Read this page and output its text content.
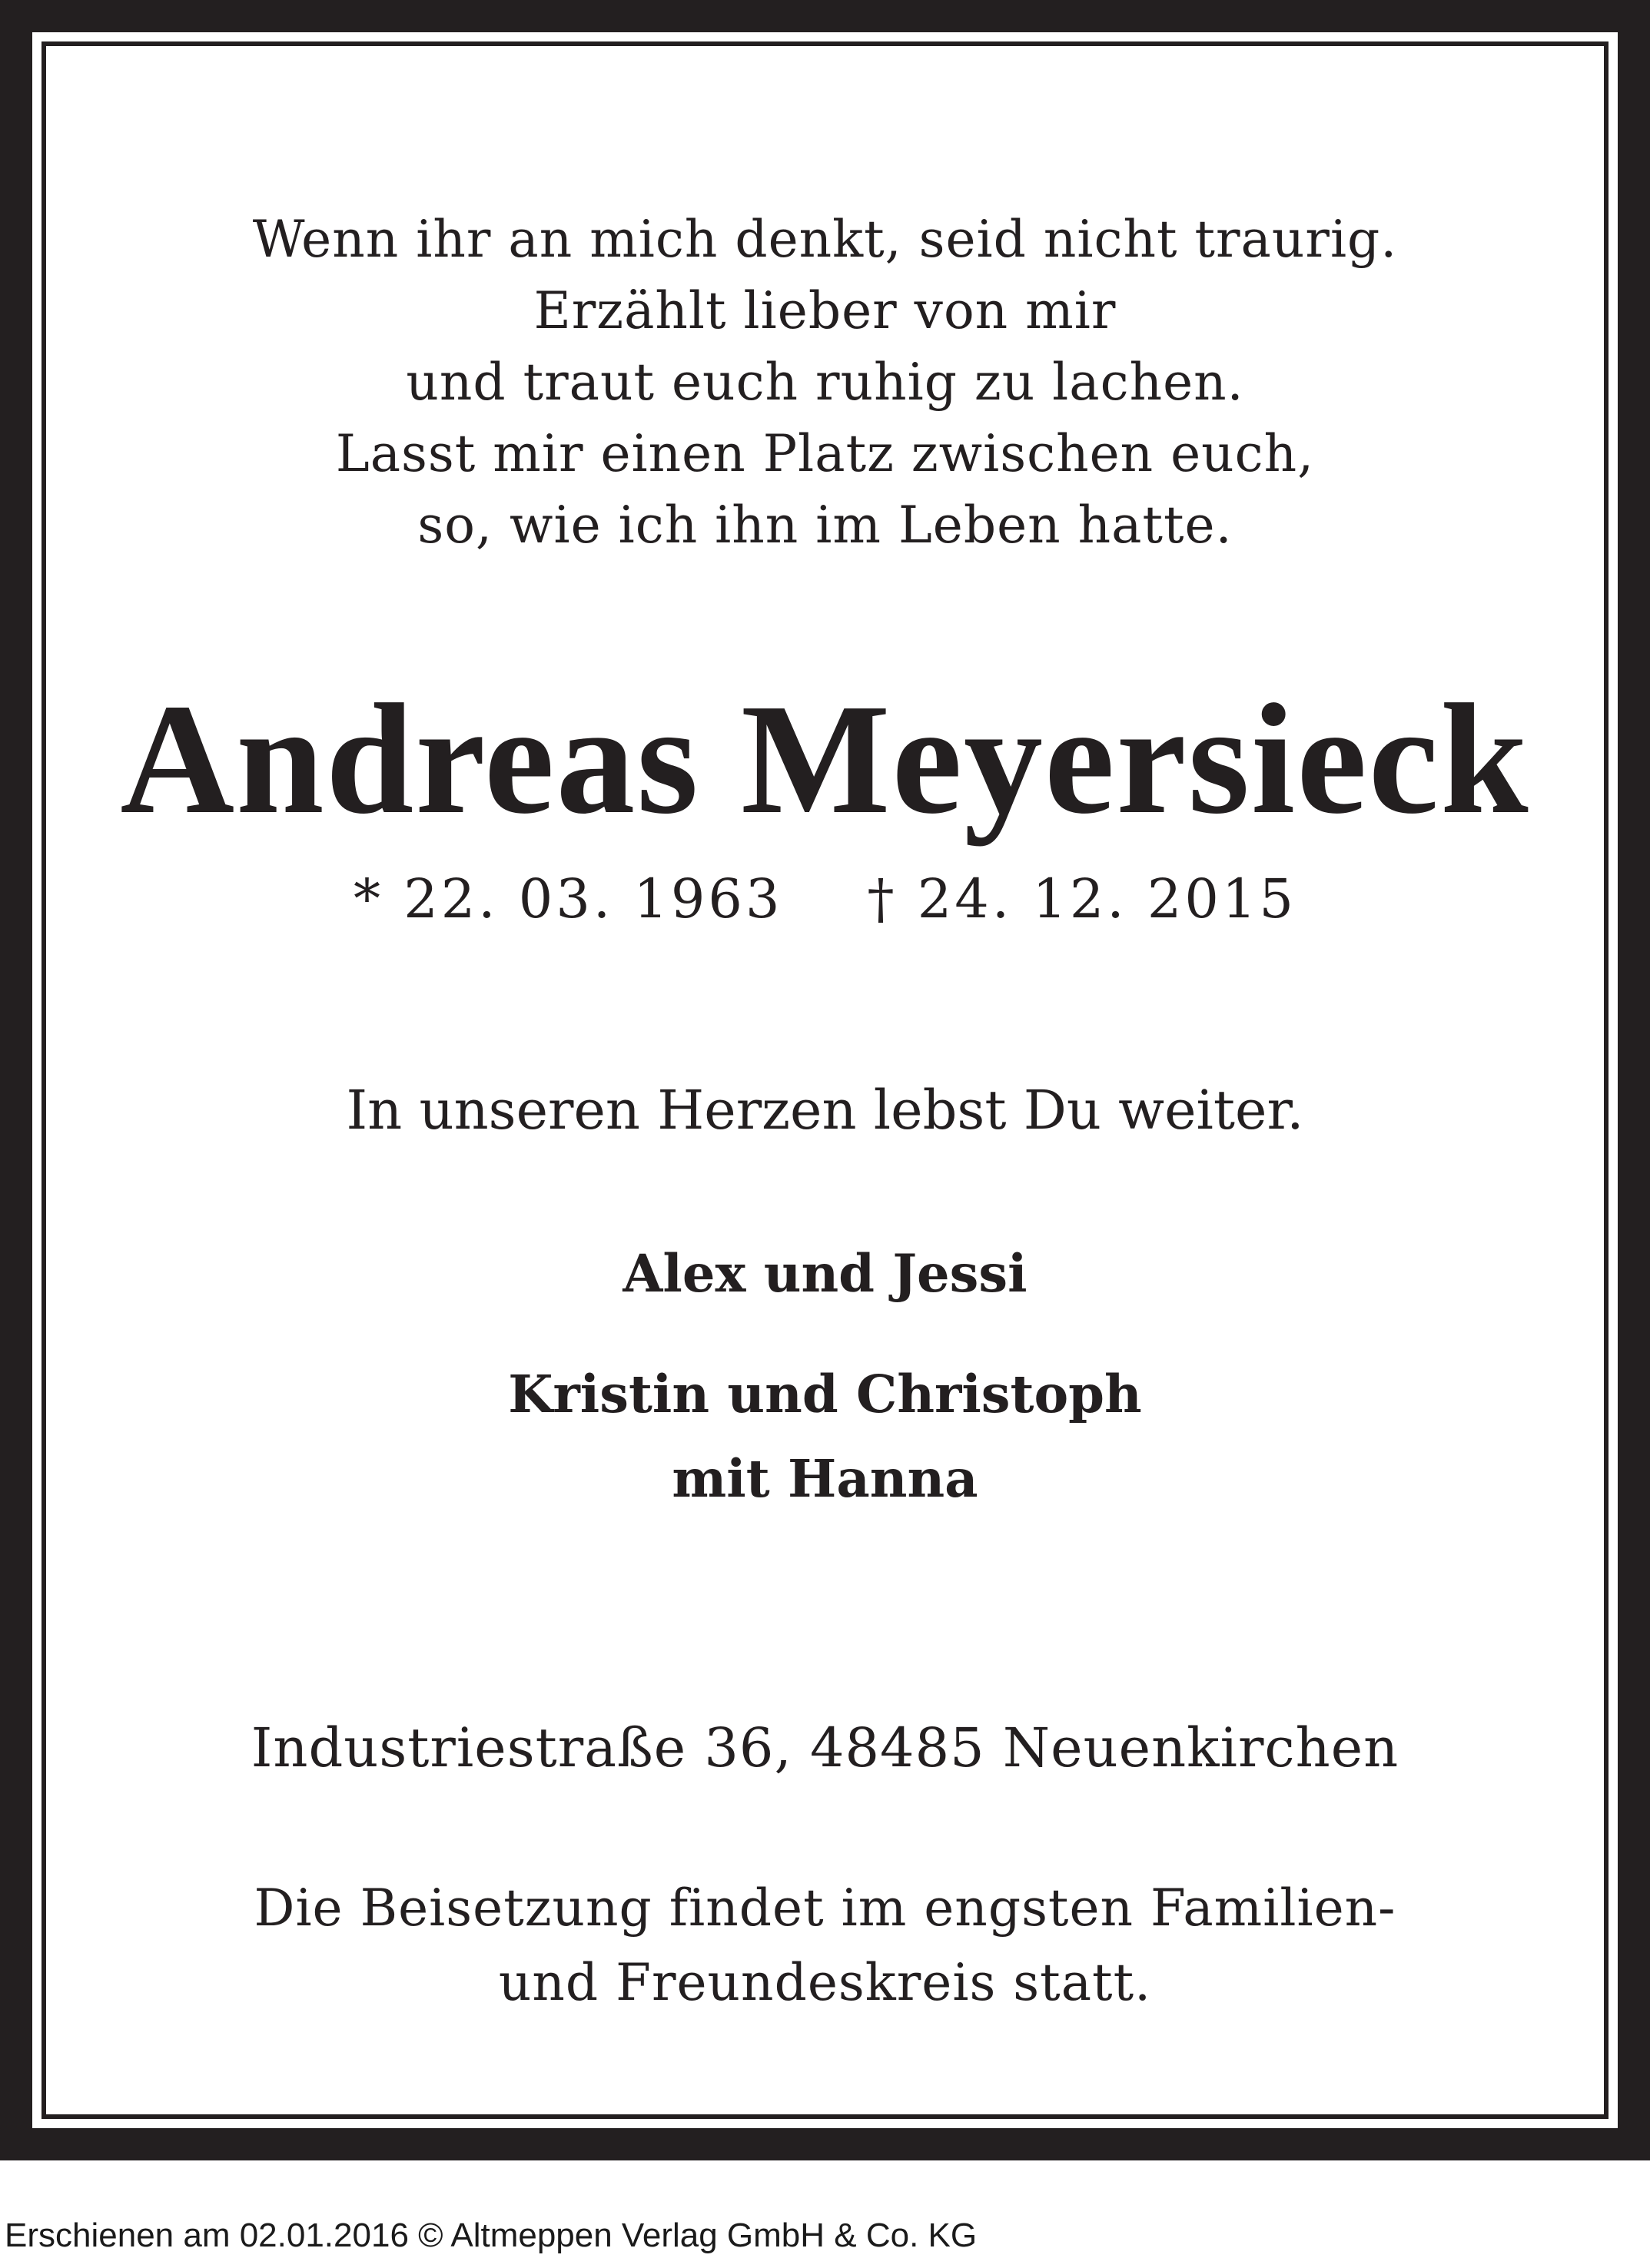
Wenn ihr an mich denkt, seid nicht traurig.
Erzählt lieber von mir
und traut euch ruhig zu lachen.
Lasst mir einen Platz zwischen euch,
so, wie ich ihn im Leben hatte.
Andreas Meyersieck
* 22. 03. 1963 † 24. 12. 2015
In unseren Herzen lebst Du weiter.
Alex und Jessi
Kristin und Christoph
mit Hanna
Industriestraße 36, 48485 Neuenkirchen
Die Beisetzung findet im engsten Familien-
und Freundeskreis statt.
Erschienen am 02.01.2016 © Altmeppen Verlag GmbH & Co. KG
